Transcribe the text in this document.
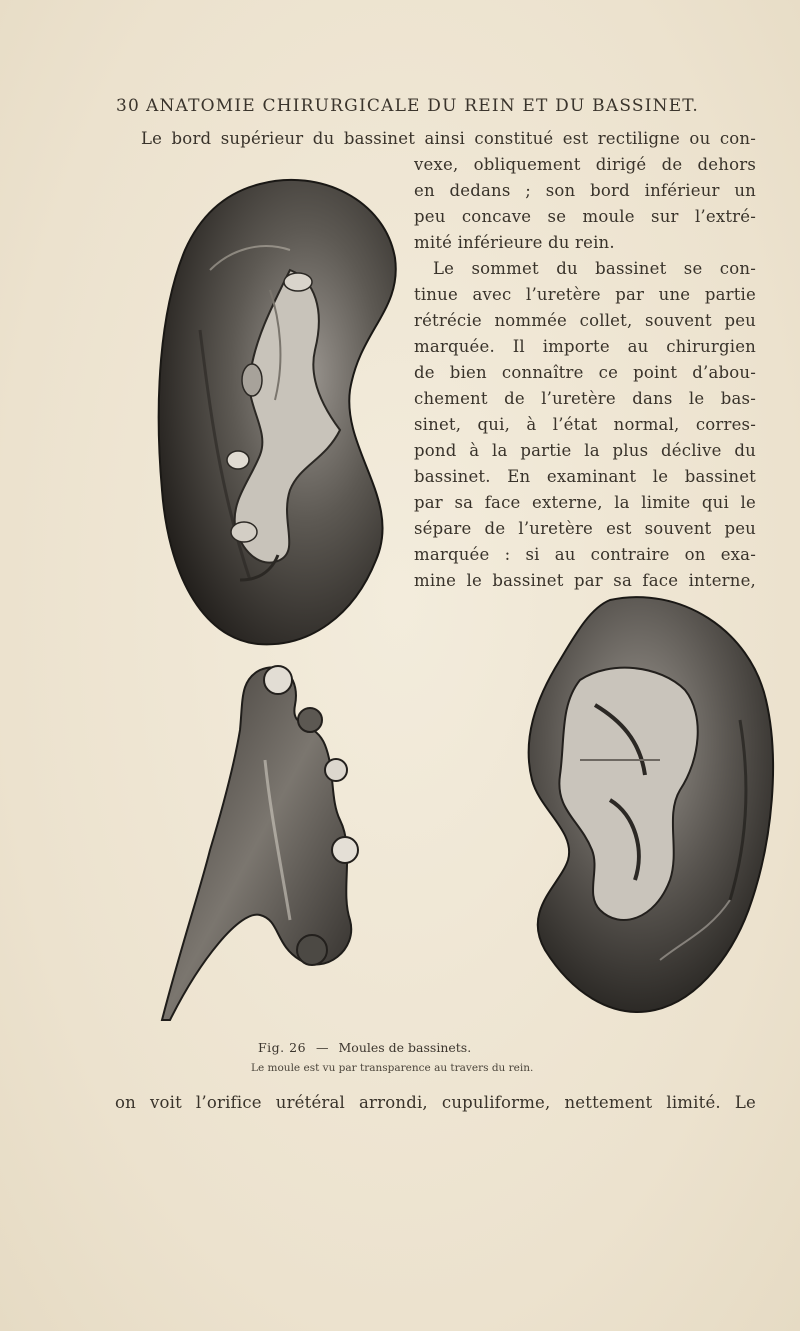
30 ANATOMIE CHIRURGICALE DU REIN ET DU BASSINET.
Le bord supérieur du bassinet ainsi constitué est rectiligne ou con-
vexe, obliquement dirigé de dehors
en dedans ; son bord inférieur un
peu concave se moule sur l’extré-
mité inférieure du rein.
Le sommet du bassinet se con-
tinue avec l’uretère par une partie
rétrécie nommée collet, souvent peu
marquée. Il importe au chirurgien
de bien connaître ce point d’abou-
chement de l’uretère dans le bas-
sinet, qui, à l’état normal, corres-
pond à la partie la plus déclive du
bassinet. En examinant le bassinet
par sa face externe, la limite qui le
sépare de l’uretère est souvent peu
marquée : si au contraire on exa-
mine le bassinet par sa face interne,
Fig. 26 — Moules de bassinets.
Le moule est vu par transparence au travers du rein.
on voit l’orifice urétéral arrondi, cupuliforme, nettement limité. Le
